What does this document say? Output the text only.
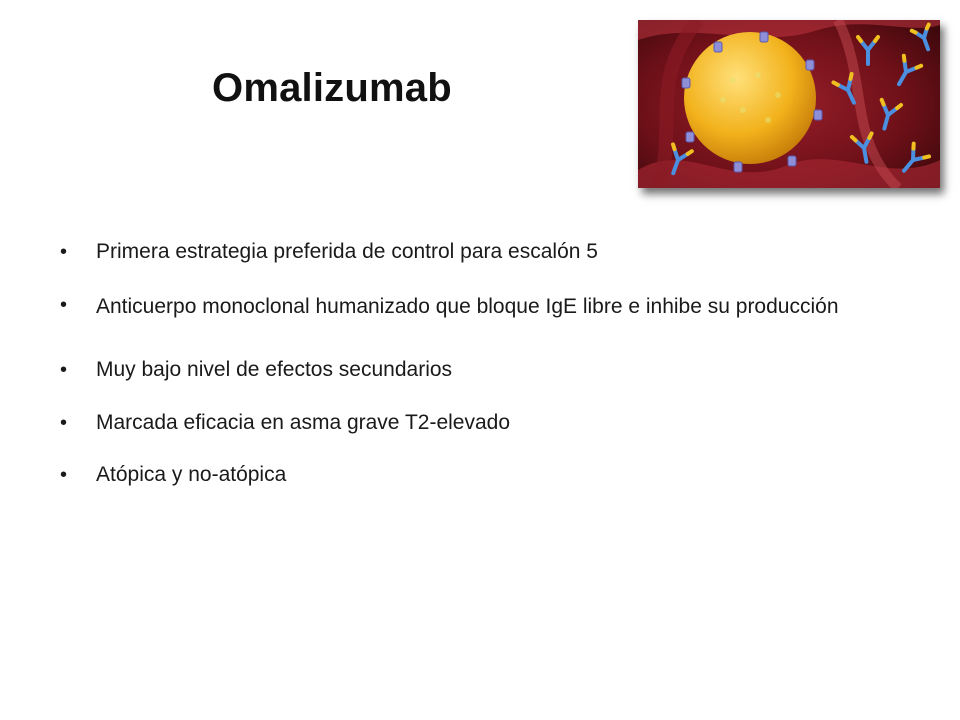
Omalizumab
• Primera estrategia preferida de control para escalón 5
• Anticuerpo monoclonal humanizado que bloque IgE libre e inhibe su producción
• Muy bajo nivel de efectos secundarios
• Marcada eficacia en asma grave T2-elevado
• Atópica y no-atópica
